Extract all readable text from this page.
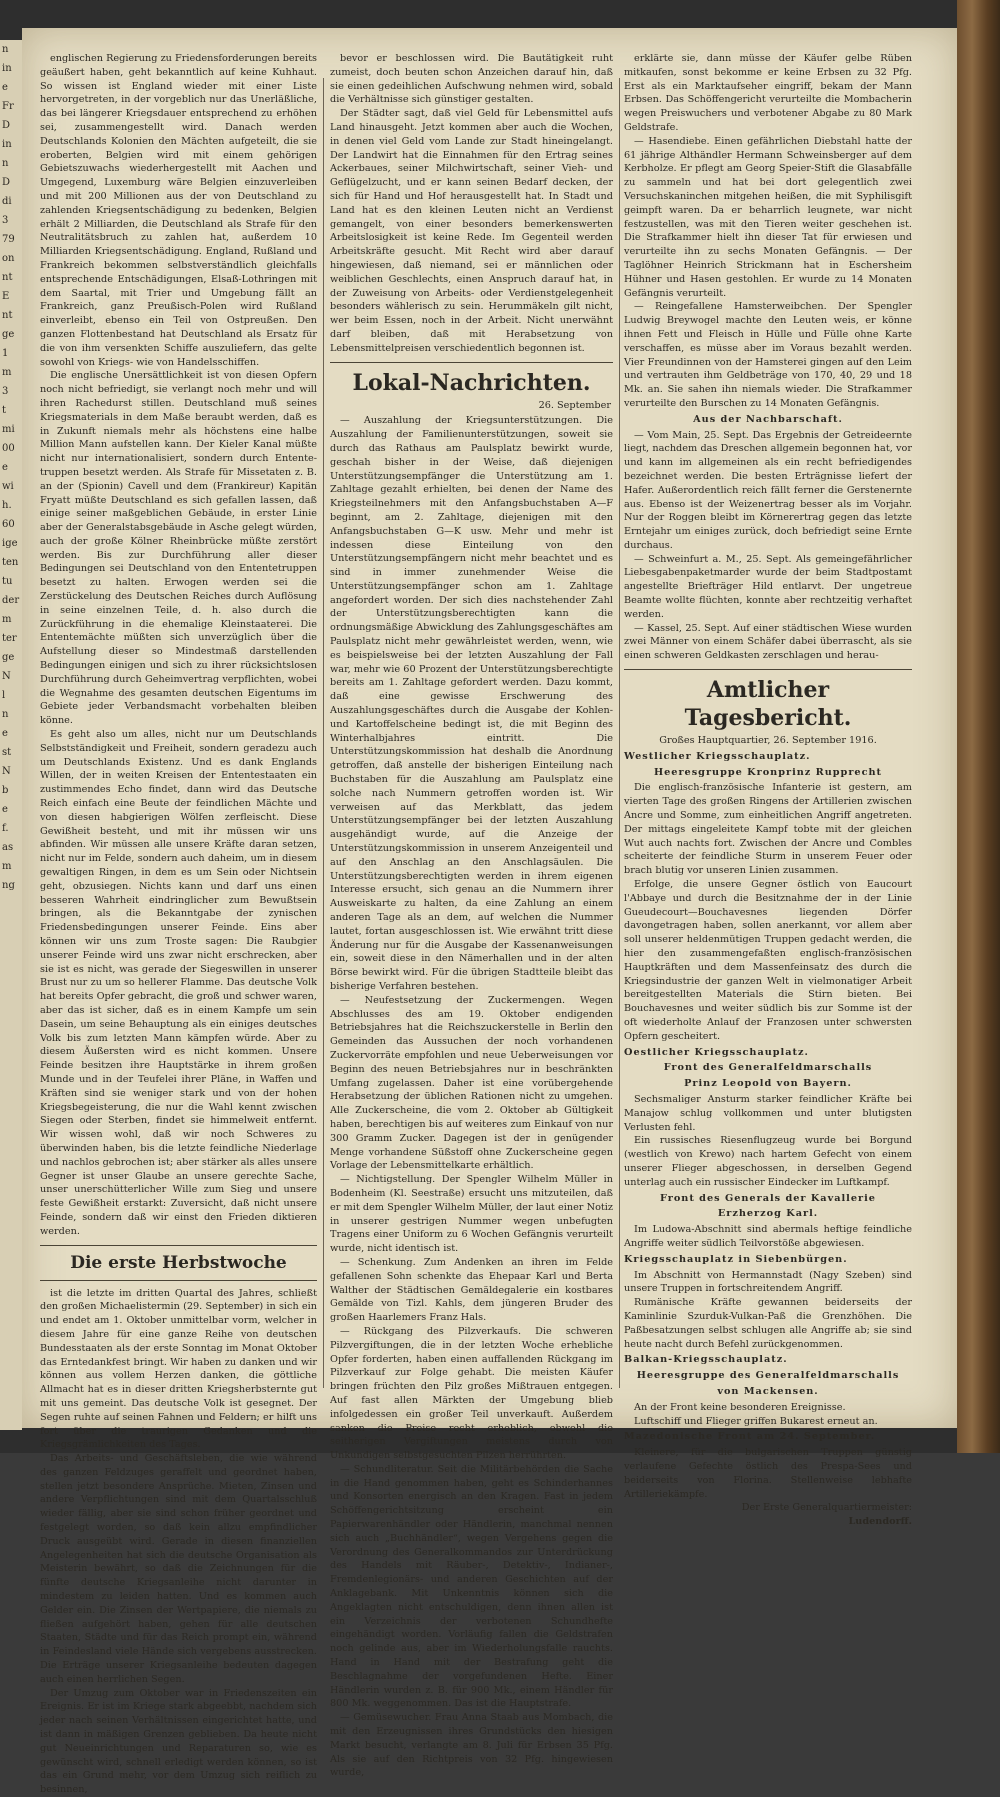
n
in
e
Fr
D
in
n
D
di
3
79
on
nt
E
nt
ge
1
m
3
t
mi
00
e
wi
h.
60
ige
ten
tu
der
m
ter
ge
N
l
n
e
st
N
b
e
f.
as
m
ng

englischen Regierung zu Friedensforderungen bereits geäußert haben, geht bekanntlich auf keine Kuhhaut. So wissen ist England wieder mit einer Liste hervorgetreten, in der vorgeblich nur das Unerläßliche, das bei längerer Kriegsdauer entsprechend zu erhöhen sei, zusammengestellt wird. Danach werden Deutschlands Kolonien den Mächten aufgeteilt, die sie eroberten, Belgien wird mit einem gehörigen Gebietszuwachs wiederhergestellt mit Aachen und Umgegend, Luxemburg wäre Belgien einzuverleiben und mit 200 Millionen aus der von Deutschland zu zahlenden Kriegsentschädigung zu bedenken, Belgien erhält 2 Milliarden, die Deutschland als Strafe für den Neutralitätsbruch zu zahlen hat, außerdem 10 Milliarden Kriegsentschädigung. England, Rußland und Frankreich bekommen selbstverständlich gleichfalls entsprechende Entschädigungen, Elsaß-Lothringen mit dem Saartal, mit Trier und Umgebung fällt an Frankreich, ganz Preußisch-Polen wird Rußland einverleibt, ebenso ein Teil von Ostpreußen. Den ganzen Flottenbestand hat Deutschland als Ersatz für die von ihm versenkten Schiffe auszuliefern, das gelte sowohl von Kriegs- wie von Handelsschiffen.

Die englische Unersättlichkeit ist von diesen Opfern noch nicht befriedigt, sie verlangt noch mehr und will ihren Rachedurst stillen. Deutschland muß seines Kriegsmaterials in dem Maße beraubt werden, daß es in Zukunft niemals mehr als höchstens eine halbe Million Mann aufstellen kann. Der Kieler Kanal müßte nicht nur internationalisiert, sondern durch Entente-truppen besetzt werden. Als Strafe für Missetaten z. B. an der (Spionin) Cavell und dem (Frankireur) Kapitän Fryatt müßte Deutschland es sich gefallen lassen, daß einige seiner maßgeblichen Gebäude, in erster Linie aber der Generalstabsgebäude in Asche gelegt würden, auch der große Kölner Rheinbrücke müßte zerstört werden. Bis zur Durchführung aller dieser Bedingungen sei Deutschland von den Ententetruppen besetzt zu halten. Erwogen werden sei die Zerstückelung des Deutschen Reiches durch Auflösung in seine einzelnen Teile, d. h. also durch die Zurückführung in die ehemalige Kleinstaaterei. Die Ententemächte müßten sich unverzüglich über die Aufstellung dieser so Mindestmaß darstellenden Bedingungen einigen und sich zu ihrer rücksichtslosen Durchführung durch Geheimvertrag verpflichten, wobei die Wegnahme des gesamten deutschen Eigentums im Gebiete jeder Verbandsmacht vorbehalten bleiben könne.

Es geht also um alles, nicht nur um Deutschlands Selbstständigkeit und Freiheit, sondern geradezu auch um Deutschlands Existenz. Und es dank Englands Willen, der in weiten Kreisen der Ententestaaten ein zustimmendes Echo findet, dann wird das Deutsche Reich einfach eine Beute der feindlichen Mächte und von diesen habgierigen Wölfen zerfleischt. Diese Gewißheit besteht, und mit ihr müssen wir uns abfinden. Wir müssen alle unsere Kräfte daran setzen, nicht nur im Felde, sondern auch daheim, um in diesem gewaltigen Ringen, in dem es um Sein oder Nichtsein geht, obzusiegen. Nichts kann und darf uns einen besseren Wahrheit eindringlicher zum Bewußtsein bringen, als die Bekanntgabe der zynischen Friedensbedingungen unserer Feinde. Eins aber können wir uns zum Troste sagen: Die Raubgier unserer Feinde wird uns zwar nicht erschrecken, aber sie ist es nicht, was gerade der Siegeswillen in unserer Brust nur zu um so hellerer Flamme. Das deutsche Volk hat bereits Opfer gebracht, die groß und schwer waren, aber das ist sicher, daß es in einem Kampfe um sein Dasein, um seine Behauptung als ein einiges deutsches Volk bis zum letzten Mann kämpfen würde. Aber zu diesem Äußersten wird es nicht kommen. Unsere Feinde besitzen ihre Hauptstärke in ihrem großen Munde und in der Teufelei ihrer Pläne, in Waffen und Kräften sind sie weniger stark und von der hohen Kriegsbegeisterung, die nur die Wahl kennt zwischen Siegen oder Sterben, findet sie himmelweit entfernt. Wir wissen wohl, daß wir noch Schweres zu überwinden haben, bis die letzte feindliche Niederlage und nachlos gebrochen ist; aber stärker als alles unsere Gegner ist unser Glaube an unsere gerechte Sache, unser unerschütterlicher Wille zum Sieg und unsere feste Gewißheit erstarkt: Zuversicht, daß nicht unsere Feinde, sondern daß wir einst den Frieden diktieren werden.

Die erste Herbstwoche

ist die letzte im dritten Quartal des Jahres, schließt den großen Michaelistermin (29. September) in sich ein und endet am 1. Oktober unmittelbar vorm, welcher in diesem Jahre für eine ganze Reihe von deutschen Bundesstaaten als der erste Sonntag im Monat Oktober das Erntedankfest bringt. Wir haben zu danken und wir können aus vollem Herzen danken, die göttliche Allmacht hat es in dieser dritten Kriegsherbsternte gut mit uns gemeint. Das deutsche Volk ist gesegnet. Der Segen ruhte auf seinen Fahnen und Feldern; er hilft uns fort über die traurigen Gedanken und die Kriegsgrämlichkeiten des Tages.

Das Arbeits- und Geschäftsleben, die wie während des ganzen Feldzuges geraffelt und geordnet haben, stellen jetzt besondere Ansprüche. Mieten, Zinsen und andere Verpflichtungen sind mit dem Quartalsschluß wieder fällig, aber sie sind schon früher geordnet und festgelegt worden, so daß kein allzu empfindlicher Druck ausgeübt wird. Gerade in diesen finanziellen Angelegenheiten hat sich die deutsche Organisation als Meisterin bewährt, so daß die Zeichnungen für die fünfte deutsche Kriegsanleihe nicht darunter in mindestem zu leiden hatten. Und es kommen auch Gelder ein. Die Zinsen der Wertpapiere, die niemals zu fließen aufgehört haben, gehen für alle deutschen Staaten, Städte und für das Reich prompt ein, während in Feindesland viele Hände sich vergebens ausstrecken. Die Erträge unserer Kriegsanleihe bedeuten dagegen auch einen herrlichen Segen.

Der Umzug zum Oktober war in Friedenszeiten ein Ereignis. Er ist im Kriege stark abgeebbt, nachdem sich jeder nach seinen Verhältnissen eingerichtet hatte, und ist dann in mäßigen Grenzen geblieben. Da heute nicht gut Neueinrichtungen und Reparaturen so, wie es gewünscht wird, schnell erledigt werden können, so ist das ein Grund mehr, vor dem Umzug sich reiflich zu besinnen,

bevor er beschlossen wird. Die Bautätigkeit ruht zumeist, doch beuten schon Anzeichen darauf hin, daß sie einen gedeihlichen Aufschwung nehmen wird, sobald die Verhältnisse sich günstiger gestalten.

Der Städter sagt, daß viel Geld für Lebensmittel aufs Land hinausgeht. Jetzt kommen aber auch die Wochen, in denen viel Geld vom Lande zur Stadt hineingelangt. Der Landwirt hat die Einnahmen für den Ertrag seines Ackerbaues, seiner Milchwirtschaft, seiner Vieh- und Geflügelzucht, und er kann seinen Bedarf decken, der sich für Hand und Hof herausgestellt hat. In Stadt und Land hat es den kleinen Leuten nicht an Verdienst gemangelt, von einer besonders bemerkenswerten Arbeitslosigkeit ist keine Rede. Im Gegenteil werden Arbeitskräfte gesucht. Mit Recht wird aber darauf hingewiesen, daß niemand, sei er männlichen oder weiblichen Geschlechts, einen Anspruch darauf hat, in der Zuweisung von Arbeits- oder Verdienstgelegenheit besonders wählerisch zu sein. Herummäkeln gilt nicht, wer beim Essen, noch in der Arbeit. Nicht unerwähnt darf bleiben, daß mit Herabsetzung von Lebensmittelpreisen verschiedentlich begonnen ist.

Lokal-Nachrichten.
26. September

— Auszahlung der Kriegsunterstützungen. Die Auszahlung der Familienunterstützungen, soweit sie durch das Rathaus am Paulsplatz bewirkt wurde, geschah bisher in der Weise, daß diejenigen Unterstützungsempfänger die Unterstützung am 1. Zahltage gezahlt erhielten, bei denen der Name des Kriegsteilnehmers mit den Anfangsbuchstaben A—F beginnt, am 2. Zahltage, diejenigen mit den Anfangsbuchstaben G—K usw. Mehr und mehr ist indessen diese Einteilung von den Unterstützungsempfängern nicht mehr beachtet und es sind in immer zunehmender Weise die Unterstützungsempfänger schon am 1. Zahltage angefordert worden. Der sich dies nachstehender Zahl der Unterstützungsberechtigten kann die ordnungsmäßige Abwicklung des Zahlungsgeschäftes am Paulsplatz nicht mehr gewährleistet werden, wenn, wie es beispielsweise bei der letzten Auszahlung der Fall war, mehr wie 60 Prozent der Unterstützungsberechtigte bereits am 1. Zahltage gefordert werden. Dazu kommt, daß eine gewisse Erschwerung des Auszahlungsgeschäftes durch die Ausgabe der Kohlen- und Kartoffelscheine bedingt ist, die mit Beginn des Winterhalbjahres eintritt. Die Unterstützungskommission hat deshalb die Anordnung getroffen, daß anstelle der bisherigen Einteilung nach Buchstaben für die Auszahlung am Paulsplatz eine solche nach Nummern getroffen worden ist. Wir verweisen auf das Merkblatt, das jedem Unterstützungsempfänger bei der letzten Auszahlung ausgehändigt wurde, auf die Anzeige der Unterstützungskommission in unserem Anzeigenteil und auf den Anschlag an den Anschlagsäulen. Die Unterstützungsberechtigten werden in ihrem eigenen Interesse ersucht, sich genau an die Nummern ihrer Ausweiskarte zu halten, da eine Zahlung an einem anderen Tage als an dem, auf welchen die Nummer lautet, fortan ausgeschlossen ist. Wie erwähnt tritt diese Änderung nur für die Ausgabe der Kassenanweisungen ein, soweit diese in den Nämerhallen und in der alten Börse bewirkt wird. Für die übrigen Stadtteile bleibt das bisherige Verfahren bestehen.

— Neufestsetzung der Zuckermengen. Wegen Abschlusses des am 19. Oktober endigenden Betriebsjahres hat die Reichszuckerstelle in Berlin den Gemeinden das Aussuchen der noch vorhandenen Zuckervorräte empfohlen und neue Ueberweisungen vor Beginn des neuen Betriebsjahres nur in beschränkten Umfang zugelassen. Daher ist eine vorübergehende Herabsetzung der üblichen Rationen nicht zu umgehen. Alle Zuckerscheine, die vom 2. Oktober ab Gültigkeit haben, berechtigen bis auf weiteres zum Einkauf von nur 300 Gramm Zucker. Dagegen ist der in genügender Menge vorhandene Süßstoff ohne Zuckerscheine gegen Vorlage der Lebensmittelkarte erhältlich.

— Nichtigstellung. Der Spengler Wilhelm Müller in Bodenheim (Kl. Seestraße) ersucht uns mitzuteilen, daß er mit dem Spengler Wilhelm Müller, der laut einer Notiz in unserer gestrigen Nummer wegen unbefugten Tragens einer Uniform zu 6 Wochen Gefängnis verurteilt wurde, nicht identisch ist.

— Schenkung. Zum Andenken an ihren im Felde gefallenen Sohn schenkte das Ehepaar Karl und Berta Walther der Städtischen Gemäldegalerie ein kostbares Gemälde von Tizl. Kahls, dem jüngeren Bruder des großen Haarlemers Franz Hals.

— Rückgang des Pilzverkaufs. Die schweren Pilzvergiftungen, die in der letzten Woche erhebliche Opfer forderten, haben einen auffallenden Rückgang im Pilzverkauf zur Folge gehabt. Die meisten Käufer bringen früchten den Pilz großes Mißtrauen entgegen. Auf fast allen Märkten der Umgebung blieb infolgedessen ein großer Teil unverkauft. Außerdem sanken die Preise recht erheblich, obwohl die seitherigen Vergiftungen meistens durch von Unkundigen selbstgesuchten Pilzen herrührten.

— Schundliteratur. Seit die Militärbehörden die Sache in die Hand genommen haben, geht es Schinderhannes und Konsorten energisch an den Kragen. Fast in jedem Schöffengerichtsitzung erscheint ein Papierwarenhändler oder Händlerin, manchmal nennen sich auch „Buchhändler“, wegen Vergehens gegen die Verordnung des Generalkommandos zur Unterdrückung des Handels mit Räuber-, Detektiv-, Indianer-, Fremdenlegionärs- und anderen Geschichten auf der Anklagebank. Mit Unkenntnis können sich die Angeklagten nicht entschuldigen, denn ihnen allen ist ein Verzeichnis der verbotenen Schundhefte eingehändigt worden. Vorläufig fallen die Geldstrafen noch gelinde aus, aber im Wiederholungsfalle rauchts. Hand in Hand mit der Bestrafung geht die Beschlagnahme der vorgefundenen Hefte. Einer Händlerin wurden z. B. für 900 Mk., einem Händler für 800 Mk. weggenommen. Das ist die Hauptstrafe.

— Gemüsewucher. Frau Anna Staab aus Mombach, die mit den Erzeugnissen ihres Grundstücks den hiesigen Markt besucht, verlangte am 8. Juli für Erbsen 35 Pfg. Als sie auf den Richtpreis von 32 Pfg. hingewiesen wurde,

erklärte sie, dann müsse der Käufer gelbe Rüben mitkaufen, sonst bekomme er keine Erbsen zu 32 Pfg. Erst als ein Marktaufseher eingriff, bekam der Mann Erbsen. Das Schöffengericht verurteilte die Mombacherin wegen Preiswuchers und verbotener Abgabe zu 80 Mark Geldstrafe.

— Hasendiebe. Einen gefährlichen Diebstahl hatte der 61 jährige Althändler Hermann Schweinsberger auf dem Kerbholze. Er pflegt am Georg Speier-Stift die Glasabfälle zu sammeln und hat bei dort gelegentlich zwei Versuchskaninchen mitgehen heißen, die mit Syphilisgift geimpft waren. Da er beharrlich leugnete, war nicht festzustellen, was mit den Tieren weiter geschehen ist. Die Strafkammer hielt ihn dieser Tat für erwiesen und verurteilte ihn zu sechs Monaten Gefängnis. — Der Taglöhner Heinrich Strickmann hat in Eschersheim Hühner und Hasen gestohlen. Er wurde zu 14 Monaten Gefängnis verurteilt.

— Reingefallene Hamsterweibchen. Der Spengler Ludwig Breywogel machte den Leuten weis, er könne ihnen Fett und Fleisch in Hülle und Fülle ohne Karte verschaffen, es müsse aber im Voraus bezahlt werden. Vier Freundinnen von der Hamsterei gingen auf den Leim und vertrauten ihm Geldbeträge von 170, 40, 29 und 18 Mk. an. Sie sahen ihn niemals wieder. Die Strafkammer verurteilte den Burschen zu 14 Monaten Gefängnis.

Aus der Nachbarschaft.

— Vom Main, 25. Sept. Das Ergebnis der Getreideernte liegt, nachdem das Dreschen allgemein begonnen hat, vor und kann im allgemeinen als ein recht befriedigendes bezeichnet werden. Die besten Erträgnisse liefert der Hafer. Außerordentlich reich fällt ferner die Gerstenernte aus. Ebenso ist der Weizenertrag besser als im Vorjahr. Nur der Roggen bleibt im Körnerertrag gegen das letzte Erntejahr um einiges zurück, doch befriedigt seine Ernte durchaus.

— Schweinfurt a. M., 25. Sept. Als gemeingefährlicher Liebesgabenpaketmarder wurde der beim Stadtpostamt angestellte Briefträger Hild entlarvt. Der ungetreue Beamte wollte flüchten, konnte aber rechtzeitig verhaftet werden.

— Kassel, 25. Sept. Auf einer städtischen Wiese wurden zwei Männer von einem Schäfer dabei überrascht, als sie einen schweren Geldkasten zerschlagen und herau-

Amtlicher Tagesbericht.
Großes Hauptquartier, 26. September 1916.
Westlicher Kriegsschauplatz.
Heeresgruppe Kronprinz Rupprecht

Die englisch-französische Infanterie ist gestern, am vierten Tage des großen Ringens der Artillerien zwischen Ancre und Somme, zum einheitlichen Angriff angetreten. Der mittags eingeleitete Kampf tobte mit der gleichen Wut auch nachts fort. Zwischen der Ancre und Combles scheiterte der feindliche Sturm in unserem Feuer oder brach blutig vor unseren Linien zusammen.

Erfolge, die unsere Gegner östlich von Eaucourt l'Abbaye und durch die Besitznahme der in der Linie Gueudecourt—Bouchavesnes liegenden Dörfer davongetragen haben, sollen anerkannt, vor allem aber soll unserer heldenmütigen Truppen gedacht werden, die hier den zusammengefaßten englisch-französischen Hauptkräften und dem Massenfeinsatz des durch die Kriegsindustrie der ganzen Welt in vielmonatiger Arbeit bereitgestellten Materials die Stirn bieten. Bei Bouchavesnes und weiter südlich bis zur Somme ist der oft wiederholte Anlauf der Franzosen unter schwersten Opfern gescheitert.

Oestlicher Kriegsschauplatz.
Front des Generalfeldmarschalls
Prinz Leopold von Bayern.

Sechsmaliger Ansturm starker feindlicher Kräfte bei Manajow schlug vollkommen und unter blutigsten Verlusten fehl.

Ein russisches Riesenflugzeug wurde bei Borgund (westlich von Krewo) nach hartem Gefecht von einem unserer Flieger abgeschossen, in derselben Gegend unterlag auch ein russischer Eindecker im Luftkampf.

Front des Generals der Kavallerie
Erzherzog Karl.

Im Ludowa-Abschnitt sind abermals heftige feindliche Angriffe weiter südlich Teilvorstöße abgewiesen.

Kriegsschauplatz in Siebenbürgen.

Im Abschnitt von Hermannstadt (Nagy Szeben) sind unsere Truppen in fortschreitendem Angriff.

Rumänische Kräfte gewannen beiderseits der Kaminlinie Szurduk-Vulkan-Paß die Grenzhöhen. Die Paßbesatzungen selbst schlugen alle Angriffe ab; sie sind heute nacht durch Befehl zurückgenommen.

Balkan-Kriegsschauplatz.
Heeresgruppe des Generalfeldmarschalls
von Mackensen.

An der Front keine besonderen Ereignisse.

Luftschiff und Flieger griffen Bukarest erneut an.

Mazedonische Front am 24. September.

Kleinere, für die bulgarischen Truppen günstig verlaufene Gefechte östlich des Prespa-Sees und beiderseits von Florina. Stellenweise lebhafte Artilleriekämpfe.

Der Erste Generalquartiermeister:
Ludendorff.
